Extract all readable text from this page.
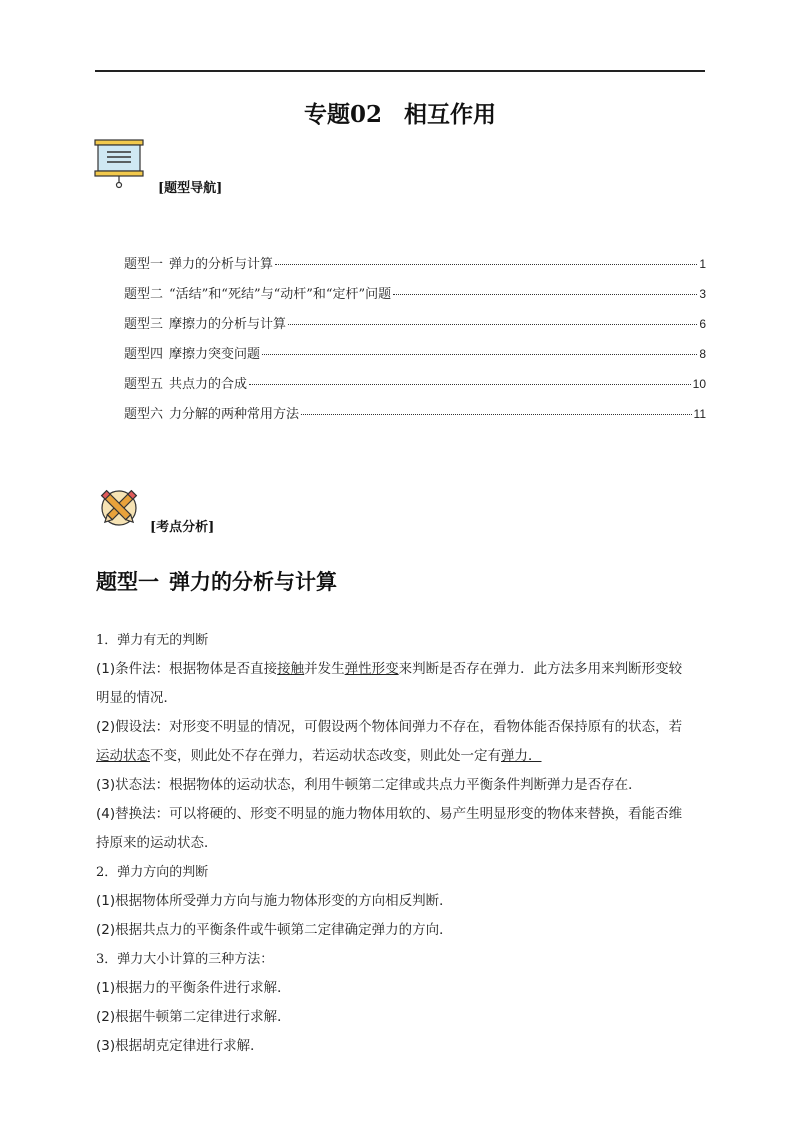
专题02 相互作用
[题型导航]
题型一 弹力的分析与计算	1
题型二 “活结”和“死结”与“动杆”和“定杆”问题	3
题型三 摩擦力的分析与计算	6
题型四 摩擦力突变问题	8
题型五 共点力的合成	10
题型六 力分解的两种常用方法	11
[考点分析]
题型一 弹力的分析与计算

1．弹力有无的判断

(1)条件法：根据物体是否直接接触并发生弹性形变来判断是否存在弹力．此方法多用来判断形变较

明显的情况．

(2)假设法：对形变不明显的情况，可假设两个物体间弹力不存在，看物体能否保持原有的状态，若

运动状态不变，则此处不存在弹力，若运动状态改变，则此处一定有弹力．

(3)状态法：根据物体的运动状态，利用牛顿第二定律或共点力平衡条件判断弹力是否存在．

(4)替换法：可以将硬的、形变不明显的施力物体用软的、易产生明显形变的物体来替换，看能否维

持原来的运动状态．

2．弹力方向的判断

(1)根据物体所受弹力方向与施力物体形变的方向相反判断．

(2)根据共点力的平衡条件或牛顿第二定律确定弹力的方向．

3．弹力大小计算的三种方法：

(1)根据力的平衡条件进行求解．

(2)根据牛顿第二定律进行求解．

(3)根据胡克定律进行求解．
